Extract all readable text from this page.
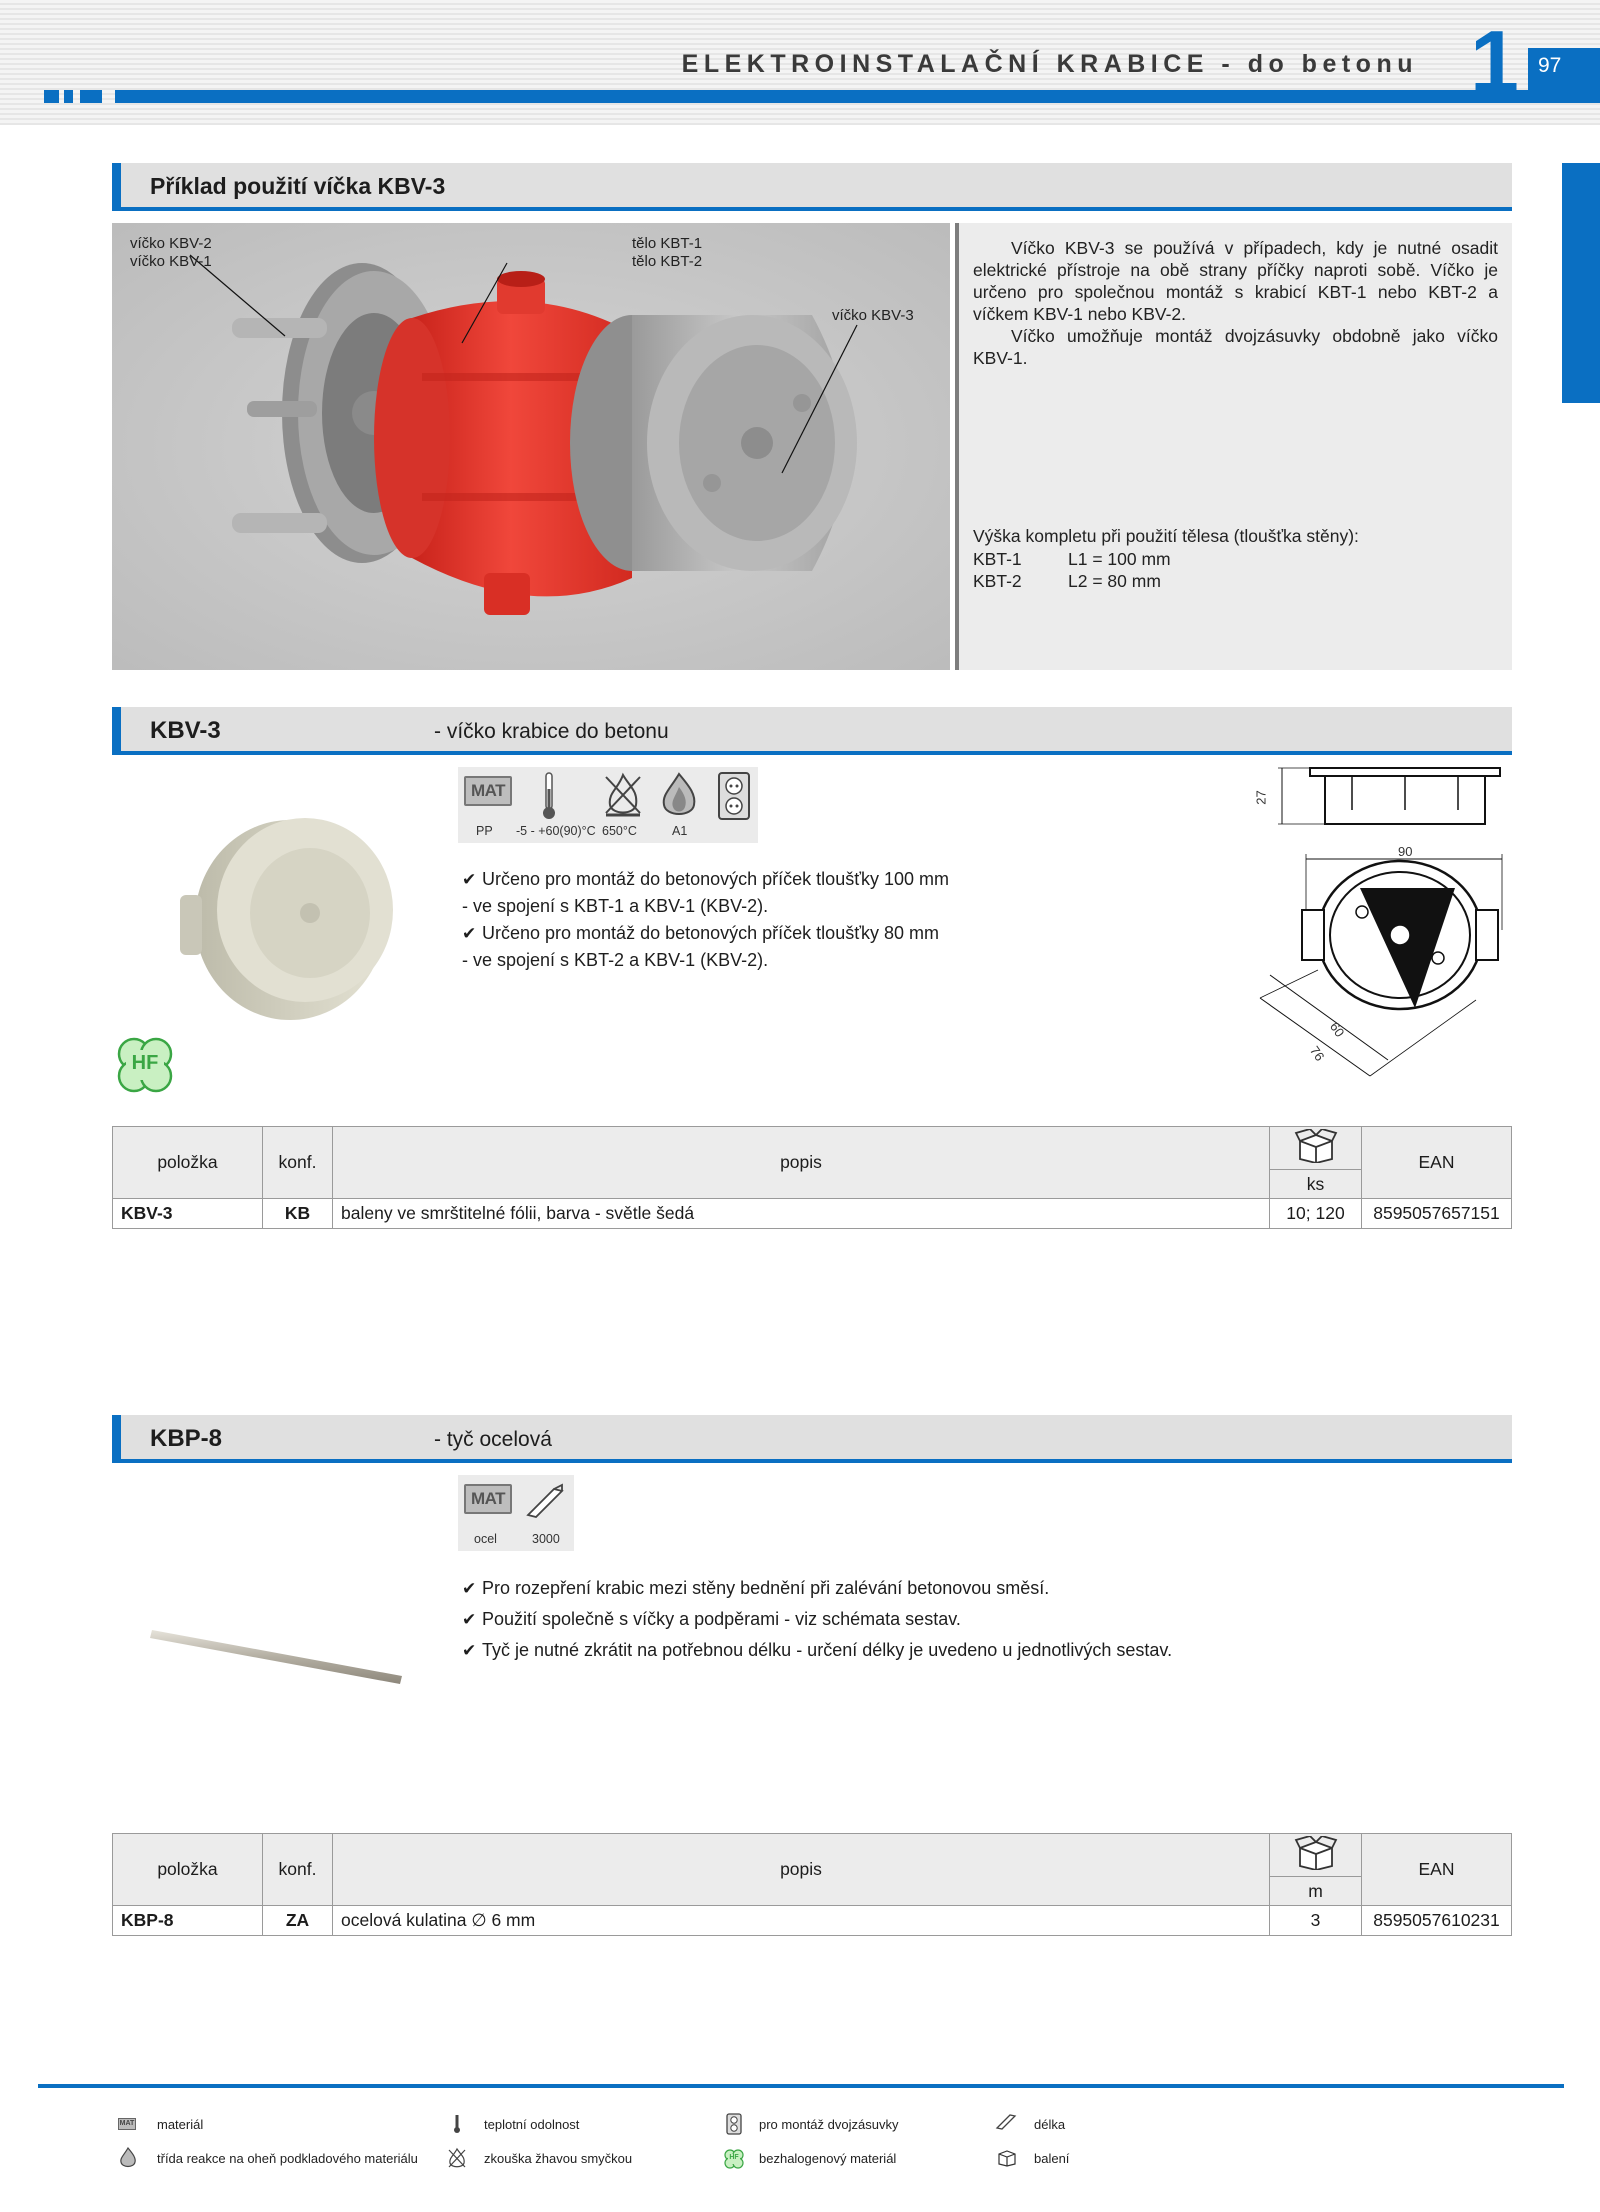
ELEKTROINSTALAČNÍ KRABICE - do betonu 1 97
Příklad použití víčka KBV-3
víčko KBV-2
víčko KBV-1
tělo KBT-1
tělo KBT-2
víčko KBV-3
Víčko KBV-3 se používá v případech, kdy je nutné osadit elektrické přístroje na obě strany příčky naproti sobě. Víčko je určeno pro společnou montáž s krabicí KBT-1 nebo KBT-2 a víčkem KBV-1 nebo KBV-2.
Víčko umožňuje montáž dvojzásuvky obdobně jako víčko KBV-1.
Výška kompletu při použití tělesa (tloušťka stěny):
KBT-1	L1 = 100 mm
KBT-2	L2 = 80 mm
KBV-3	- víčko krabice do betonu
HF
MAT
PP -5 - +60(90)°C 650°C	A1
✔ Určeno pro montáž do betonových příček tloušťky 100 mm
- ve spojení s KBT-1 a KBV-1 (KBV-2).
✔ Určeno pro montáž do betonových příček tloušťky 80 mm
- ve spojení s KBT-2 a KBV-1 (KBV-2).
27
90
60
76
položka	konf.	popis		EAN
			ks	
KBV-3	KB	baleny ve smrštitelné fólii, barva - světle šedá	10; 120	8595057657151
KBP-8	- tyč ocelová
MAT
ocel	3000
✔ Pro rozepření krabic mezi stěny bednění při zalévání betonovou směsí.
✔ Použití společně s víčky a podpěrami - viz schémata sestav.
✔ Tyč je nutné zkrátit na potřebnou délku - určení délky je uvedeno u jednotlivých sestav.
položka	konf.	popis		EAN
			m	
KBP-8	ZA	ocelová kulatina ∅ 6 mm	3	8595057610231
MAT materiál	teplotní odolnost	pro montáž dvojzásuvky	délka
třída reakce na oheň podkladového materiálu	zkouška žhavou smyčkou	HF	bezhalogenový materiál	balení
